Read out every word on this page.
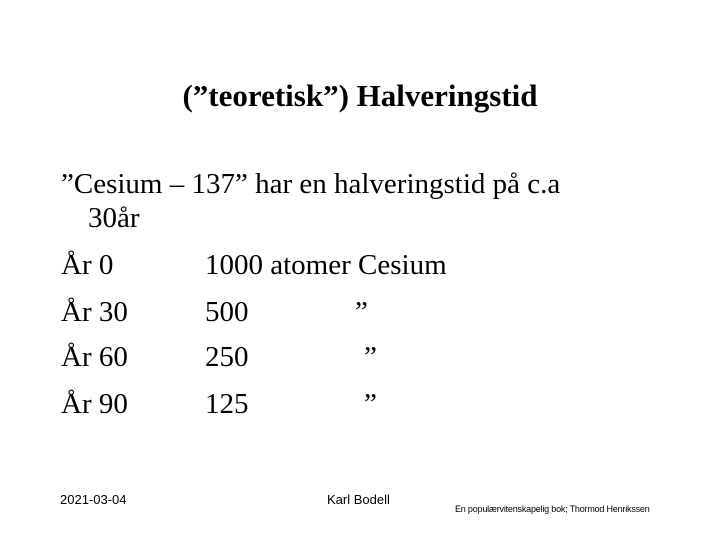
(”teoretisk”) Halveringstid
”Cesium – 137” har en halveringstid på c.a
30år
År 0	1000 atomer Cesium
År 30	500	”
År 60	250	”
År 90	125	”
2021-03-04	Karl Bodell
En populærvitenskapelig bok; Thormod Henrikssen
